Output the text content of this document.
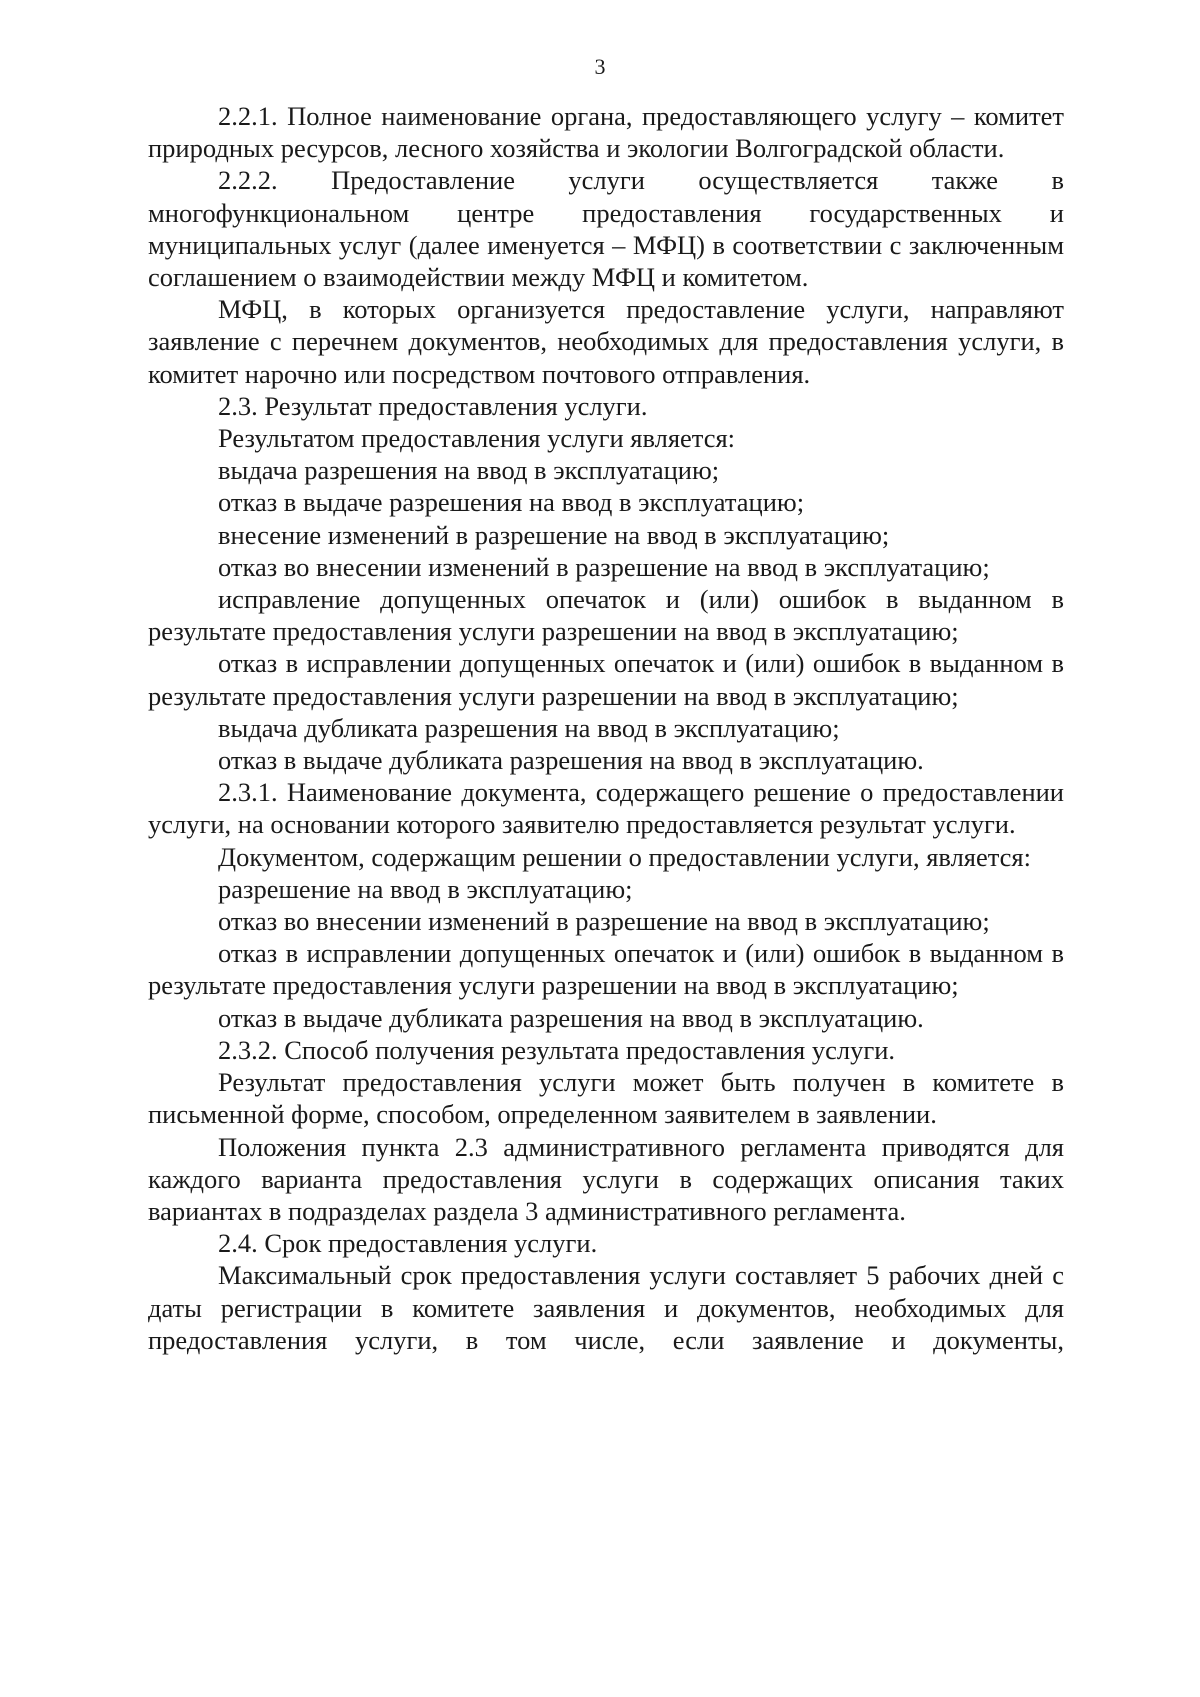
3

2.2.1. Полное наименование органа, предоставляющего услугу – комитет природных ресурсов, лесного хозяйства и экологии Волгоградской области.

2.2.2. Предоставление услуги осуществляется также в многофункциональном центре предоставления государственных и муниципальных услуг (далее именуется – МФЦ) в соответствии с заключенным соглашением о взаимодействии между МФЦ и комитетом.

МФЦ, в которых организуется предоставление услуги, направляют заявление с перечнем документов, необходимых для предоставления услуги, в комитет нарочно или посредством почтового отправления.

2.3. Результат предоставления услуги.

Результатом предоставления услуги является:

выдача разрешения на ввод в эксплуатацию;

отказ в выдаче разрешения на ввод в эксплуатацию;

внесение изменений в разрешение на ввод в эксплуатацию;

отказ во внесении изменений в разрешение на ввод в эксплуатацию;

исправление допущенных опечаток и (или) ошибок в выданном в результате предоставления услуги разрешении на ввод в эксплуатацию;

отказ в исправлении допущенных опечаток и (или) ошибок в выданном в результате предоставления услуги разрешении на ввод в эксплуатацию;

выдача дубликата разрешения на ввод в эксплуатацию;

отказ в выдаче дубликата разрешения на ввод в эксплуатацию.

2.3.1. Наименование документа, содержащего решение о предоставлении услуги, на основании которого заявителю предоставляется результат услуги.

Документом, содержащим решении о предоставлении услуги, является:

разрешение на ввод в эксплуатацию;

отказ во внесении изменений в разрешение на ввод в эксплуатацию;

отказ в исправлении допущенных опечаток и (или) ошибок в выданном в результате предоставления услуги разрешении на ввод в эксплуатацию;

отказ в выдаче дубликата разрешения на ввод в эксплуатацию.

2.3.2. Способ получения результата предоставления услуги.

Результат предоставления услуги может быть получен в комитете в письменной форме, способом, определенном заявителем в заявлении.

Положения пункта 2.3 административного регламента приводятся для каждого варианта предоставления услуги в содержащих описания таких вариантах в подразделах раздела 3 административного регламента.

2.4. Срок предоставления услуги.

Максимальный срок предоставления услуги составляет 5 рабочих дней с даты регистрации в комитете заявления и документов, необходимых для предоставления услуги, в том числе, если заявление и документы,
